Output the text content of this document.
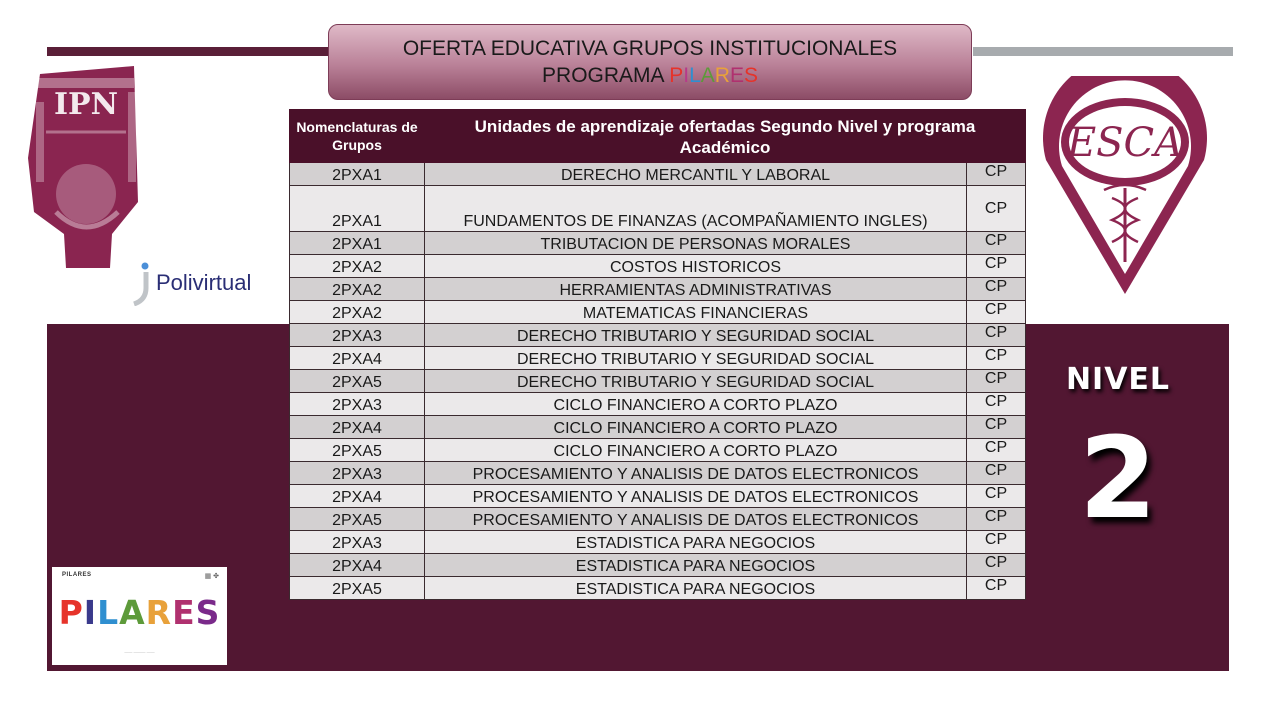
OFERTA EDUCATIVA GRUPOS INSTITUCIONALES
PROGRAMA PILARES
IPN
Polivirtual
ESCA
Nomenclaturas de Grupos	Unidades de aprendizaje ofertadas Segundo Nivel y programa Académico	
2PXA1	DERECHO MERCANTIL Y LABORAL	CP
2PXA1	FUNDAMENTOS DE FINANZAS (ACOMPAÑAMIENTO INGLES)	CP
2PXA1	TRIBUTACION DE PERSONAS MORALES	CP
2PXA2	COSTOS HISTORICOS	CP
2PXA2	HERRAMIENTAS ADMINISTRATIVAS	CP
2PXA2	MATEMATICAS FINANCIERAS	CP
2PXA3	DERECHO TRIBUTARIO Y SEGURIDAD SOCIAL	CP
2PXA4	DERECHO TRIBUTARIO Y SEGURIDAD SOCIAL	CP
2PXA5	DERECHO TRIBUTARIO Y SEGURIDAD SOCIAL	CP
2PXA3	CICLO FINANCIERO A CORTO PLAZO	CP
2PXA4	CICLO FINANCIERO A CORTO PLAZO	CP
2PXA5	CICLO FINANCIERO A CORTO PLAZO	CP
2PXA3	PROCESAMIENTO Y ANALISIS DE DATOS ELECTRONICOS	CP
2PXA4	PROCESAMIENTO Y ANALISIS DE DATOS ELECTRONICOS	CP
2PXA5	PROCESAMIENTO Y ANALISIS DE DATOS ELECTRONICOS	CP
2PXA3	ESTADISTICA PARA NEGOCIOS	CP
2PXA4	ESTADISTICA PARA NEGOCIOS	CP
2PXA5	ESTADISTICA PARA NEGOCIOS	CP
NIVEL
2
PILARES	▦ ✤
PILARES
—— ——— ——
